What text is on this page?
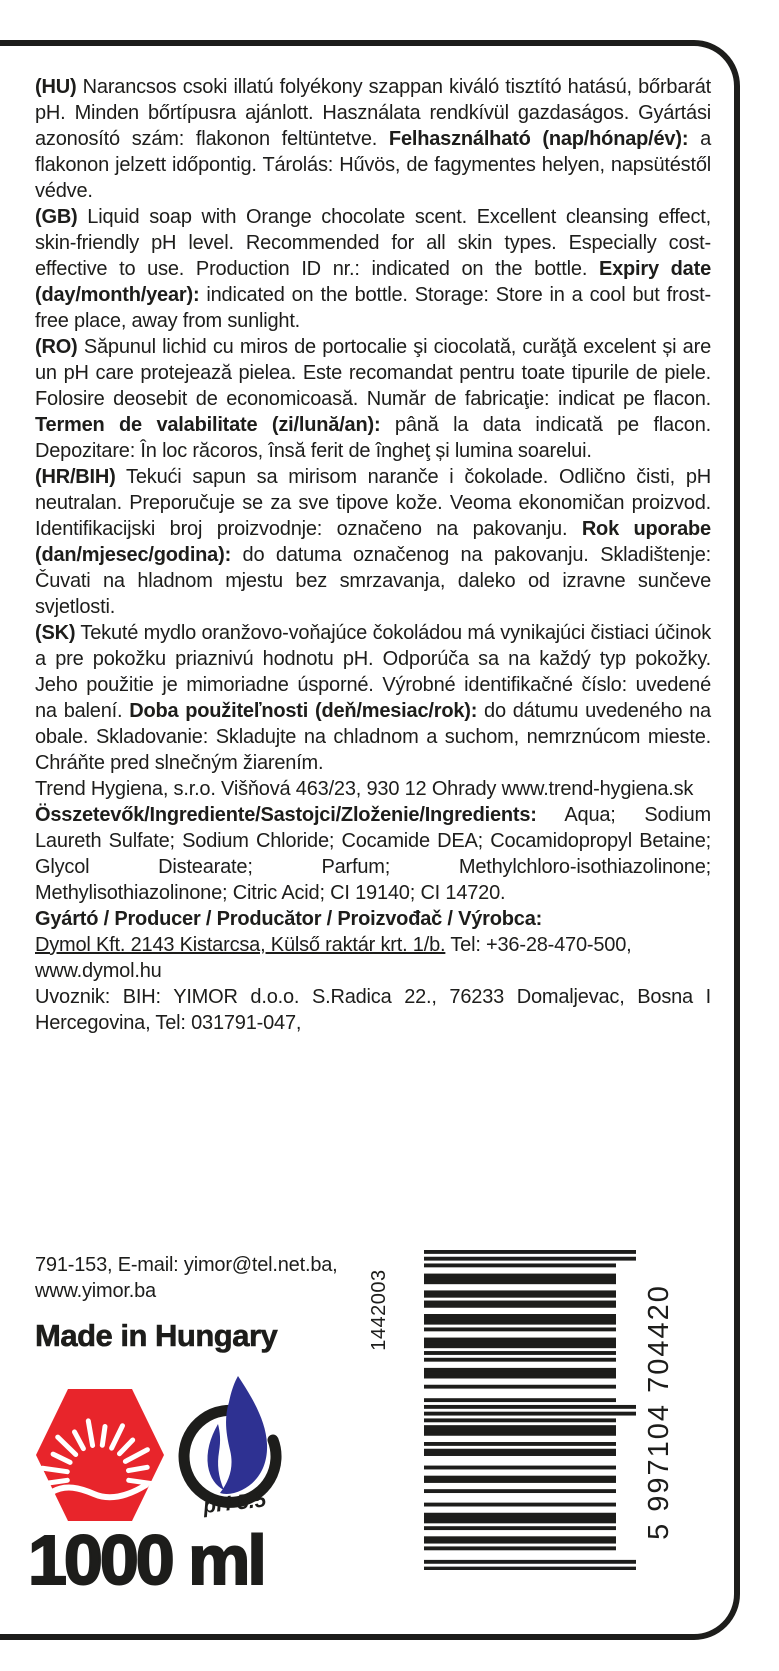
(HU) Narancsos csoki illatú folyékony szappan kiváló tisztító hatású, bőrbarát pH. Minden bőrtípusra ajánlott. Használata rendkívül gazdaságos. Gyártási azonosító szám: flakonon feltüntetve. Felhasználható (nap/hónap/év): a flakonon jelzett időpontig. Tárolás: Hűvös, de fagymentes helyen, napsütéstől védve.

(GB) Liquid soap with Orange chocolate scent. Excellent cleansing effect, skin-friendly pH level. Recommended for all skin types. Especially cost-effective to use. Production ID nr.: indicated on the bottle. Expiry date (day/month/year): indicated on the bottle. Storage: Store in a cool but frost-free place, away from sunlight.

(RO) Săpunul lichid cu miros de portocalie şi ciocolată, curăţă excelent și are un pH care protejează pielea. Este recomandat pentru toate tipurile de piele. Folosire deosebit de economicoasă. Număr de fabricaţie: indicat pe flacon. Termen de valabilitate (zi/lună/an): până la data indicată pe flacon. Depozitare: În loc răcoros, însă ferit de îngheţ și lumina soarelui.

(HR/BIH) Tekući sapun sa mirisom naranče i čokolade. Odlično čisti, pH neutralan. Preporučuje se za sve tipove kože. Veoma ekonomičan proizvod. Identifikacijski broj proizvodnje: označeno na pakovanju. Rok uporabe (dan/mjesec/godina): do datuma označenog na pakovanju. Skladištenje: Čuvati na hladnom mjestu bez smrzavanja, daleko od izravne sunčeve svjetlosti.

(SK) Tekuté mydlo oranžovo-voňajúce čokoládou má vynikajúci čistiaci účinok a pre pokožku priaznivú hodnotu pH. Odporúča sa na každý typ pokožky. Jeho použitie je mimoriadne úsporné. Výrobné identifikačné číslo: uvedené na balení. Doba použiteľnosti (deň/mesiac/rok): do dátumu uvedeného na obale. Skladovanie: Skladujte na chladnom a suchom, nemrznúcom mieste. Chráňte pred slnečným žiarením.

Trend Hygiena, s.r.o. Višňová 463/23, 930 12 Ohrady www.trend-hygiena.sk

Összetevők/Ingrediente/Sastojci/Zloženie/Ingredients: Aqua; Sodium Laureth Sulfate; Sodium Chloride; Cocamide DEA; Cocamidopropyl Betaine; Glycol Distearate; Parfum; Methylchloro-isothiazolinone; Methylisothiazolinone; Citric Acid; CI 19140; CI 14720.

Gyártó / Producer / Producător / Proizvođač / Výrobca:

Dymol Kft. 2143 Kistarcsa, Külső raktár krt. 1/b. Tel: +36-28-470-500,

www.dymol.hu

Uvoznik: BIH: YIMOR d.o.o. S.Radica 22., 76233 Domaljevac, Bosna I Hercegovina, Tel: 031791-047,

791-153, E-mail: yimor@tel.net.ba,

www.yimor.ba

Made in Hungary	1442003	5 997104 704420
pH 5.5
1000 ml
